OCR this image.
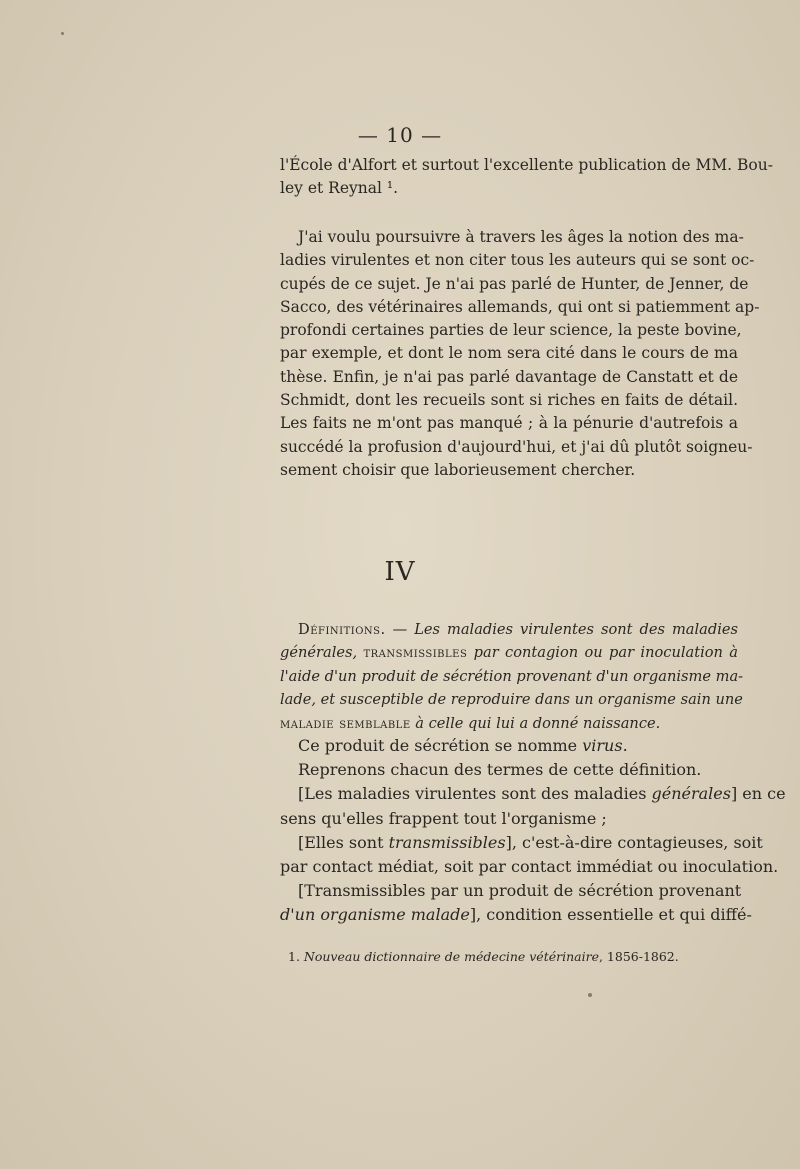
— 10 —
l'École d'Alfort et surtout l'excellente publication de MM. Bou-
ley et Reynal ¹.
J'ai voulu poursuivre à travers les âges la notion des ma-
ladies virulentes et non citer tous les auteurs qui se sont oc-
cupés de ce sujet. Je n'ai pas parlé de Hunter, de Jenner, de
Sacco, des vétérinaires allemands, qui ont si patiemment ap-
profondi certaines parties de leur science, la peste bovine,
par exemple, et dont le nom sera cité dans le cours de ma
thèse. Enfin, je n'ai pas parlé davantage de Canstatt et de
Schmidt, dont les recueils sont si riches en faits de détail.
Les faits ne m'ont pas manqué ; à la pénurie d'autrefois a
succédé la profusion d'aujourd'hui, et j'ai dû plutôt soigneu-
sement choisir que laborieusement chercher.
IV
Définitions. — Les maladies virulentes sont des maladies
générales, transmissibles par contagion ou par inoculation à
l'aide d'un produit de sécrétion provenant d'un organisme ma-
lade, et susceptible de reproduire dans un organisme sain une
maladie semblable à celle qui lui a donné naissance.
Ce produit de sécrétion se nomme virus.
Reprenons chacun des termes de cette définition.
[Les maladies virulentes sont des maladies générales] en ce
sens qu'elles frappent tout l'organisme ;
[Elles sont transmissibles], c'est-à-dire contagieuses, soit
par contact médiat, soit par contact immédiat ou inoculation.
[Transmissibles par un produit de sécrétion provenant
d'un organisme malade], condition essentielle et qui diffé-
1. Nouveau dictionnaire de médecine vétérinaire, 1856-1862.
